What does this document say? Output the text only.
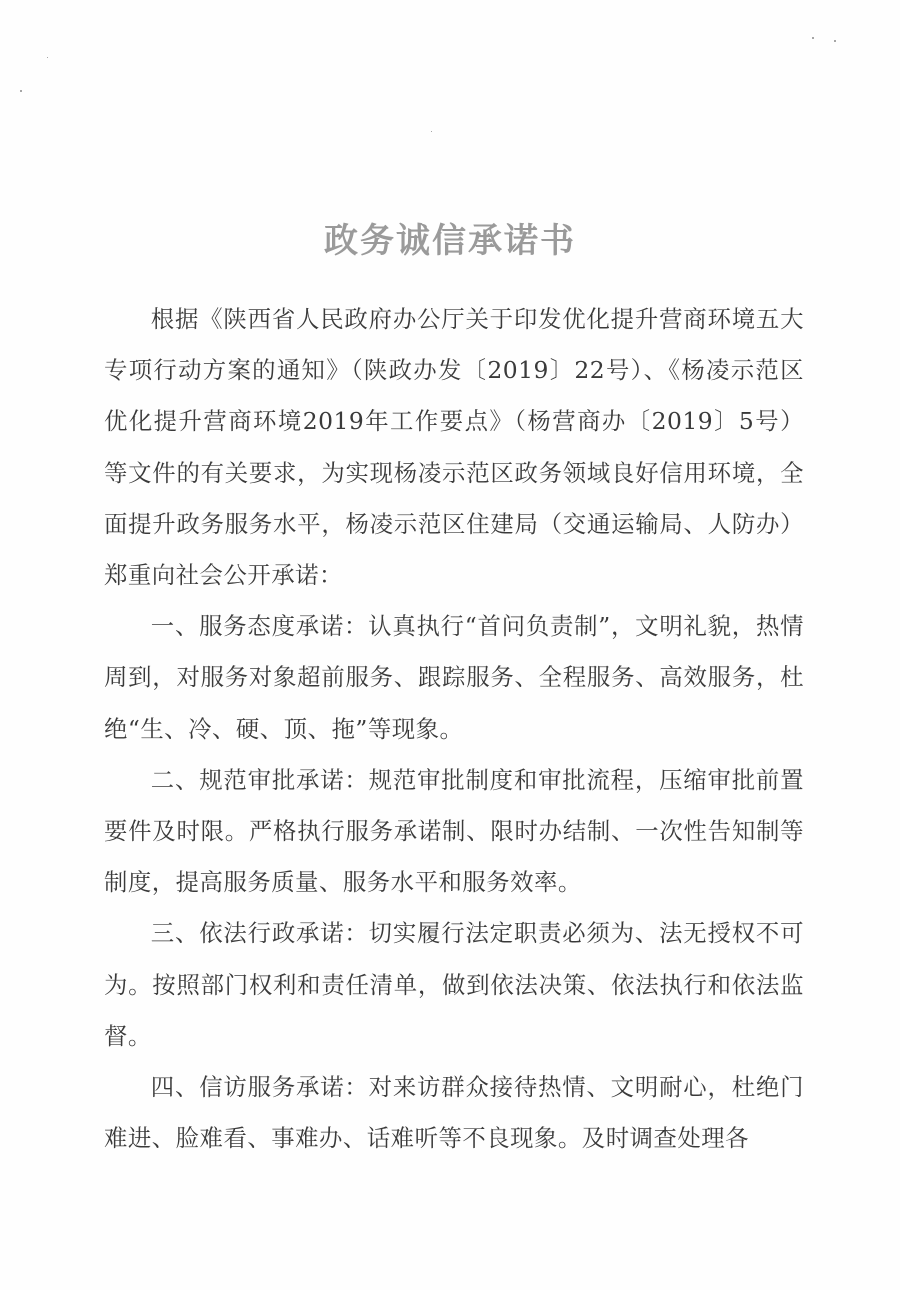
政务诚信承诺书

根据《陕西省人民政府办公厅关于印发优化提升营商环境五大专项行动方案的通知》（陕政办发〔2019〕22号）、《杨凌示范区优化提升营商环境2019年工作要点》（杨营商办〔2019〕5号）等文件的有关要求，为实现杨凌示范区政务领域良好信用环境，全面提升政务服务水平，杨凌示范区住建局（交通运输局、人防办）郑重向社会公开承诺：

一、服务态度承诺：认真执行“首问负责制”，文明礼貌，热情周到，对服务对象超前服务、跟踪服务、全程服务、高效服务，杜绝“生、冷、硬、顶、拖”等现象。

二、规范审批承诺：规范审批制度和审批流程，压缩审批前置要件及时限。严格执行服务承诺制、限时办结制、一次性告知制等制度，提高服务质量、服务水平和服务效率。

三、依法行政承诺：切实履行法定职责必须为、法无授权不可为。按照部门权利和责任清单，做到依法决策、依法执行和依法监督。

四、信访服务承诺：对来访群众接待热情、文明耐心，杜绝门难进、脸难看、事难办、话难听等不良现象。及时调查处理各
